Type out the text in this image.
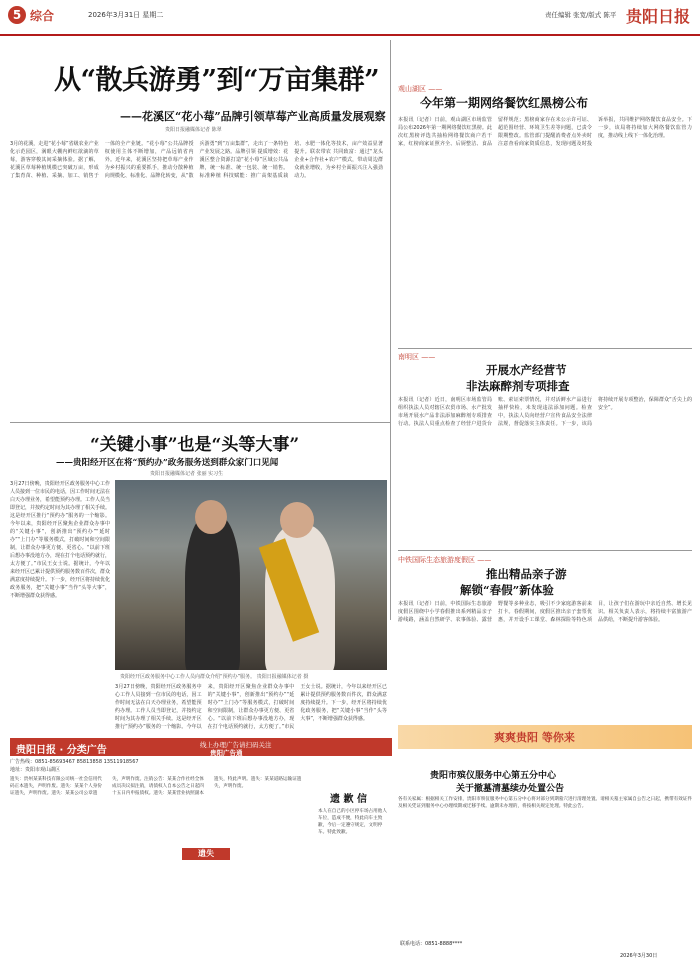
5 综合	2026年3月31日 星期二	责任编辑 张宽/版式 陈平 贵阳日报
从“散兵游勇”到“万亩集群”
——花溪区“花小莓”品牌引领草莓产业高质量发展观察
贵阳日报融媒体记者 陈翠
3月的花溪，走进“花小莓”省级农业产业化示范园区，满眼大棚内鲜红欲滴的草莓，游客穿梭其间采摘体验。据了解，花溪区草莓种植规模已突破万亩，形成了集育苗、种植、采摘、加工、销售于一体的全产业链。“花小莓”公共品牌授权使用主体不断增加，产品远销省内外。近年来，花溪区坚持把草莓产业作为乡村振兴的重要抓手，推动分散种植向规模化、标准化、品牌化转变，从“散兵游勇”到“万亩集群”，走出了一条特色产业发展之路。品牌引领 提质增效：花溪区整合资源打造“花小莓”区域公共品牌，统一标准、统一包装、统一销售。标准种植 科技赋能：推广高架基质栽培、水肥一体化等技术，亩产效益显著提升。联农带农 共同致富：通过“龙头企业+合作社+农户”模式，带动周边群众就业增收，为乡村全面振兴注入强劲动力。
观山湖区 ——
今年第一期网络餐饮红黑榜公布
本报讯（记者）日前，观山湖区市场监管局公布2026年第一期网络餐饮红黑榜。此次红黑榜评选共抽检网络餐饮商户若干家，红榜商家证照齐全、后厨整洁、食品留样规范；黑榜商家存在未公示许可证、超范围经营、环境卫生差等问题，已责令限期整改。监管部门提醒消费者点外卖时注意查看商家资质信息，发现问题及时投诉举报，共同维护网络餐饮食品安全。下一步，该局将持续加大网络餐饮监管力度，推动线上线下一体化治理。
南明区 ——
开展水产经营节
非法麻醉剂专项排查
本报讯（记者）近日，南明区市场监管局组织执法人员对辖区农贸市场、水产批发市场开展水产品非法添加麻醉剂专项排查行动。执法人员重点检查了经营户进货台账、索证索票情况，并对活鲜水产品进行抽样快检，未发现违法添加问题。检查中，执法人员向经营户宣传食品安全法律法规，督促落实主体责任。下一步，该局将持续开展专项整治，保障群众“舌尖上的安全”。
中铁国际生态旅游度假区 ——
推出精品亲子游
解锁“春假”新体验
本报讯（记者）日前，中铁国际生态旅游度假区围绕中小学春假推出系列精品亲子游线路，涵盖自然研学、农事体验、露营野餐等多种业态，吸引不少家庭游客前来打卡。春假期间，度假区推出亲子套票优惠，并开设手工课堂、森林探险等特色项目，让孩子们在游玩中亲近自然、增长见识。相关负责人表示，将持续丰富旅游产品供给，不断提升游客体验。
“关键小事”也是“头等大事”
——贵阳经开区在将“预约办”政务服务送到群众家门口见闻
贵阳日报融媒体记者 张丽 实习生
3月27日傍晚，贵阳经开区政务服务中心工作人员接到一位市民的电话，因工作时间无法在白天办理业务，希望能预约办理。工作人员当即登记，并按约定时间为其办理了相关手续。这是经开区推行“预约办”服务的一个缩影。今年以来，贵阳经开区聚焦企业群众办事中的“关键小事”，创新推出“预约办”“延时办”“上门办”等服务模式，打破时间和空间限制，让群众办事更方便、更省心。“以前下班后想办事没地方办，现在打个电话预约就行，太方便了。”市民王女士说。据统计，今年以来经开区已累计提供预约服务数百件次，群众满意度持续提升。下一步，经开区将持续优化政务服务，把“关键小事”当作“头等大事”，不断增强群众获得感。
贵阳经开区政务服务中心工作人员向群众介绍“预约办”服务。 贵阳日报融媒体记者 摄
3月27日傍晚，贵阳经开区政务服务中心工作人员接到一位市民的电话，因工作时间无法在白天办理业务，希望能预约办理。工作人员当即登记，并按约定时间为其办理了相关手续。这是经开区推行“预约办”服务的一个缩影。今年以来，贵阳经开区聚焦企业群众办事中的“关键小事”，创新推出“预约办”“延时办”“上门办”等服务模式，打破时间和空间限制，让群众办事更方便、更省心。“以前下班后想办事没地方办，现在打个电话预约就行，太方便了。”市民王女士说。据统计，今年以来经开区已累计提供预约服务数百件次，群众满意度持续提升。下一步，经开区将持续优化政务服务，把“关键小事”当作“头等大事”，不断增强群众获得感。
爽爽贵阳 等你来
贵阳日报 · 分类广告	线上办理广告请扫码关注
贵阳广告通
广告热线：0851-85693467 85813858 13511918567
地址：贵阳市观山湖区
遗失
遗失：贵州某某科技有限公司统一社会信用代码正本遗失，声明作废。遗失：某某个人身份证遗失，声明作废。遗失：某某公司公章遗失，声明作废。注销公告：某某合作社经全体成员决议拟注销，请债权人自本公告之日起四十五日内申报债权。遗失：某某营业执照副本遗失，特此声明。遗失：某某道路运输证遗失，声明作废。
遗 歉 信
本人在自己的小区停车场占用他人车位，造成不便，特此向车主致歉，今后一定遵守规定，文明停车。特此致歉。
贵阳市殡仪服务中心第五分中心
关于撤墓清墓续办处置公告
各有关家属：根据相关工作安排，贵阳市殡仪服务中心第五分中心将对部分到期墓穴进行清理处置。请相关墓主家属自公告之日起，携带有效证件及相关凭证到服务中心办理续期或迁移手续。逾期未办理的，将按相关规定处理。特此公告。
联系电话：0851-8888****
2026年3月30日
